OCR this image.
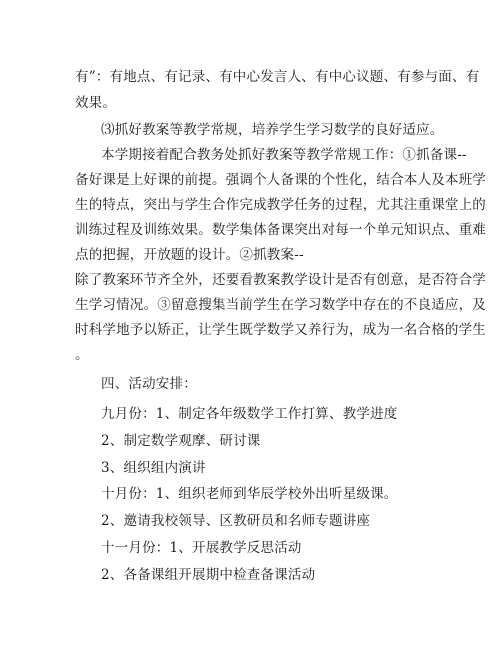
有”：有地点、有记录、有中心发言人、有中心议题、有参与面、有
效果。
⑶抓好教案等教学常规，培养学生学习数学的良好适应。
本学期接着配合教务处抓好教案等教学常规工作：①抓备课--
备好课是上好课的前提。强调个人备课的个性化，结合本人及本班学
生的特点，突出与学生合作完成教学任务的过程，尤其注重课堂上的
训练过程及训练效果。数学集体备课突出对每一个单元知识点、重难
点的把握，开放题的设计。②抓教案--
除了教案环节齐全外，还要看教案教学设计是否有创意，是否符合学
生学习情况。③留意搜集当前学生在学习数学中存在的不良适应，及
时科学地予以矫正，让学生既学数学又养行为，成为一名合格的学生
。
四、活动安排：
九月份：1、制定各年级数学工作打算、教学进度
2、制定数学观摩、研讨课
3、组织组内演讲
十月份：1、组织老师到华辰学校外出听星级课。
2、邀请我校领导、区教研员和名师专题讲座
十一月份：1、开展教学反思活动
2、各备课组开展期中检查备课活动
